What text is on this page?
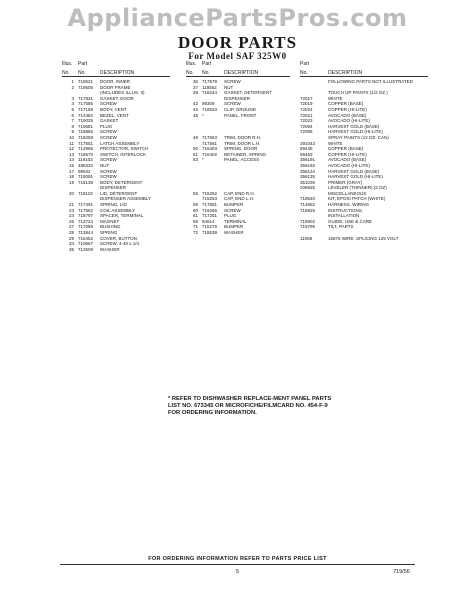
AppliancePartsPros.com
DOOR PARTS
For Model SAF 325W0
Illus. Part
No. No.	DESCRIPTION
1 719521 DOOR, INNER
2 719605 DOOR FRAME
(INCLUDES ILLUS. 3)
3 717931 GASKET, DOOR
4 717565 SCREW
5 717158 BODY, VENT
6 714382 BEZEL, VENT
7 719025 GASKET
8 719681 PLUG
9 718865 SCREW
10 718259 SCREW
11 717551 LATCH ASSEMBLY
12 712965 PROTECTOR, SWITCH
13 718670 SWITCH, INTERLOCK
14 119103 SCREW
15 485332 NUT
17 98932 SCREW
18 718091 SCREW
19 718139 BODY, DETERGENT
DISPENSER
20 718119 LID, DETERGENT
DISPENSER ASSEMBLY
21 717491 SPRING, LID
23 717662 COIL ASSEMBLY
24 718797 SPACER, TERMINAL
26 713724 MAGNET
27 717086 BUSHING
28 713844 SPRING
29 716452 COVER, BUTTON
34 710667 SCREW, 4-40 x 1/4
35 712509 WASHER
Illus. Part
No. No.	DESCRIPTION
36 717579 SCREW
37 118552 NUT
39 718244 GASKET, DETERGENT
DISPENSER
42 98309 SCREW
43 718533 CLIP, GROUND
45 *	PANEL, FRONT
49 717563 TRIM, DOOR R.H.
717561 TRIM, DOOR L.H.
50 716403 SPRING, DOOR
51 716402 RETAINER, SPRING
53 *	PANEL, ACCESS
55 715262 CAP, END R.H.
715263 CAP, END L.H.
59 717581 BUMPER
60 719266 SCREW
61 717251 PLUG
69 94614 TERMINAL
71 715279 BUMPER
72 718538 WASHER
Part
No.	DESCRIPTION
FOLLOWING PARTS NOT ILLUSTRATED
TOUCH UP PAINTS (1/2 OZ.)
72017	WHITE
72019	COPPER (BASE)
72024	COPPER (HI-LITE)
72021	AVOCADO (BASE)
72023	AVOCADO (HI-LITE)
72084	HARVEST GOLD (BASE)
72085	HARVEST GOLD (HI-LITE)
SPRAY PAINTS (12 OZ. CAN)
291043	WHITE
89435	COPPER (BASE)
89453	COPPER (HI-LITE)
356191	AVOCADO (BASE)
356192	AVOCADO (HI-LITE)
356134	HARVEST GOLD (BASE)
356135	HARVEST GOLD (HI-LITE)
351036	PRIMER (GRAY)
206925	LEVELER (THINNER) (2 OZ)
MISCELLANEOUS
719640	KIT, EPOXI PATCH (WHITE)
714852	HARNESS, WIRING
718825	INSTRUCTIONS,
INSTALLATION
719802	GUIDE, USE & CARE
719796	TILT, PARTS
11058	16875 WIRE, SPLICING 125 VOLT
* REFER TO DISHWASHER REPLACE-MENT PANEL PARTS LIST NO. 673345 OR MICROFICHE/FILMCARD NO. 454-F-9 FOR ORDERING INFORMATION.
FOR ORDERING INFORMATION REFER TO PARTS PRICE LIST
5	719/56
